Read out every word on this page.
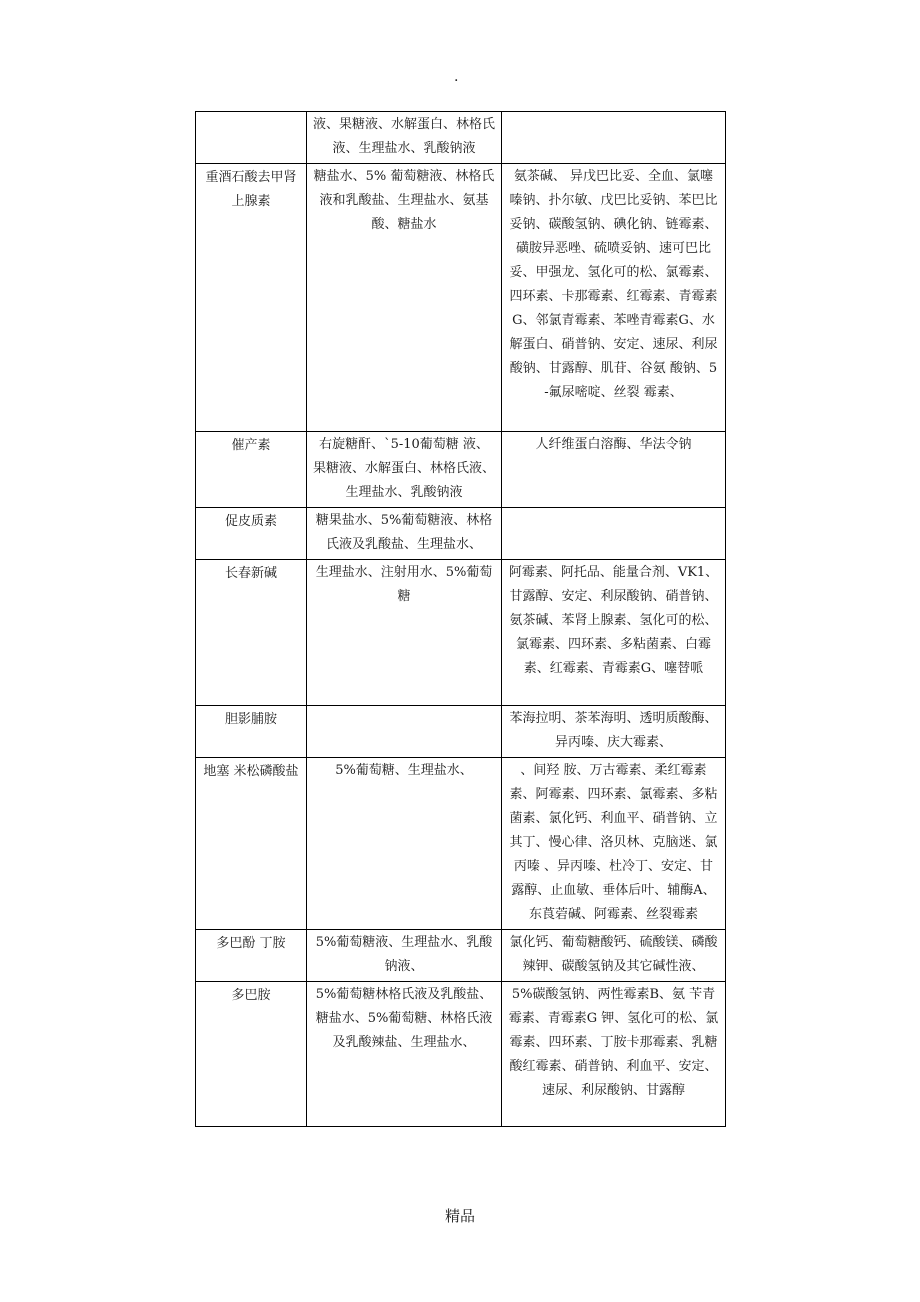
.
	液、果糖液、水解蛋白、林格氏液、生理盐水、乳酸钠液	
重酒石酸去甲肾上腺素	糖盐水、5% 葡萄糖液、林格氏液和乳酸盐、生理盐水、氨基酸、糖盐水	氨茶碱、 异戊巴比妥、全血、氯噻嗪钠、扑尔敏、戊巴比妥钠、苯巴比妥钠、碳酸氢钠、碘化钠、链霉素、磺胺异恶唑、硫喷妥钠、速可巴比妥、甲强龙、氢化可的松、氯霉素、四环素、卡那霉素、红霉素、青霉素G、邻氯青霉素、苯唑青霉素G、水解蛋白、硝普钠、安定、速尿、利尿酸钠、甘露醇、肌苷、谷氨 酸钠、5-氟尿嘧啶、丝裂 霉素、
催产素	右旋糖酐、`5-10葡萄糖 液、果糖液、水解蛋白、林格氏液、生理盐水、乳酸钠液	人纤维蛋白溶酶、华法令钠
促皮质素	糖果盐水、5%葡萄糖液、林格氏液及乳酸盐、生理盐水、	
长春新碱	生理盐水、注射用水、5%葡萄糖	阿霉素、阿托品、能量合剂、VK1、甘露醇、安定、利尿酸钠、硝普钠、氨茶碱、苯肾上腺素、氢化可的松、氯霉素、四环素、多粘菌素、白霉素、红霉素、青霉素G、噻替哌
胆影脯胺		苯海拉明、茶苯海明、透明质酸酶、异丙嗪、庆大霉素、
地塞 米松磷酸盐	5%葡萄糖、生理盐水、	、间羟 胺、万古霉素、柔红霉素素、阿霉素、四环素、氯霉素、多粘菌素、氯化钙、利血平、硝普钠、立其丁、慢心律、洛贝林、克脑迷、氯丙嗪 、异丙嗪、杜冷丁、安定、甘露醇、止血敏、垂体后叶、辅酶A、东莨菪碱、阿霉素、丝裂霉素
多巴酚 丁胺	5%葡萄糖液、生理盐水、乳酸钠液、	氯化钙、葡萄糖酸钙、硫酸镁、磷酸辣钾、碳酸氢钠及其它碱性液、
多巴胺	5%葡萄糖林格氏液及乳酸盐、糖盐水、5%葡萄糖、林格氏液及乳酸辣盐、生理盐水、	5%碳酸氢钠、两性霉素B、氨 苄青霉素、青霉素G 钾、氢化可的松、氯霉素、四环素、丁胺卡那霉素、乳糖酸红霉素、硝普钠、利血平、安定、速尿、利尿酸钠、甘露醇
精品
